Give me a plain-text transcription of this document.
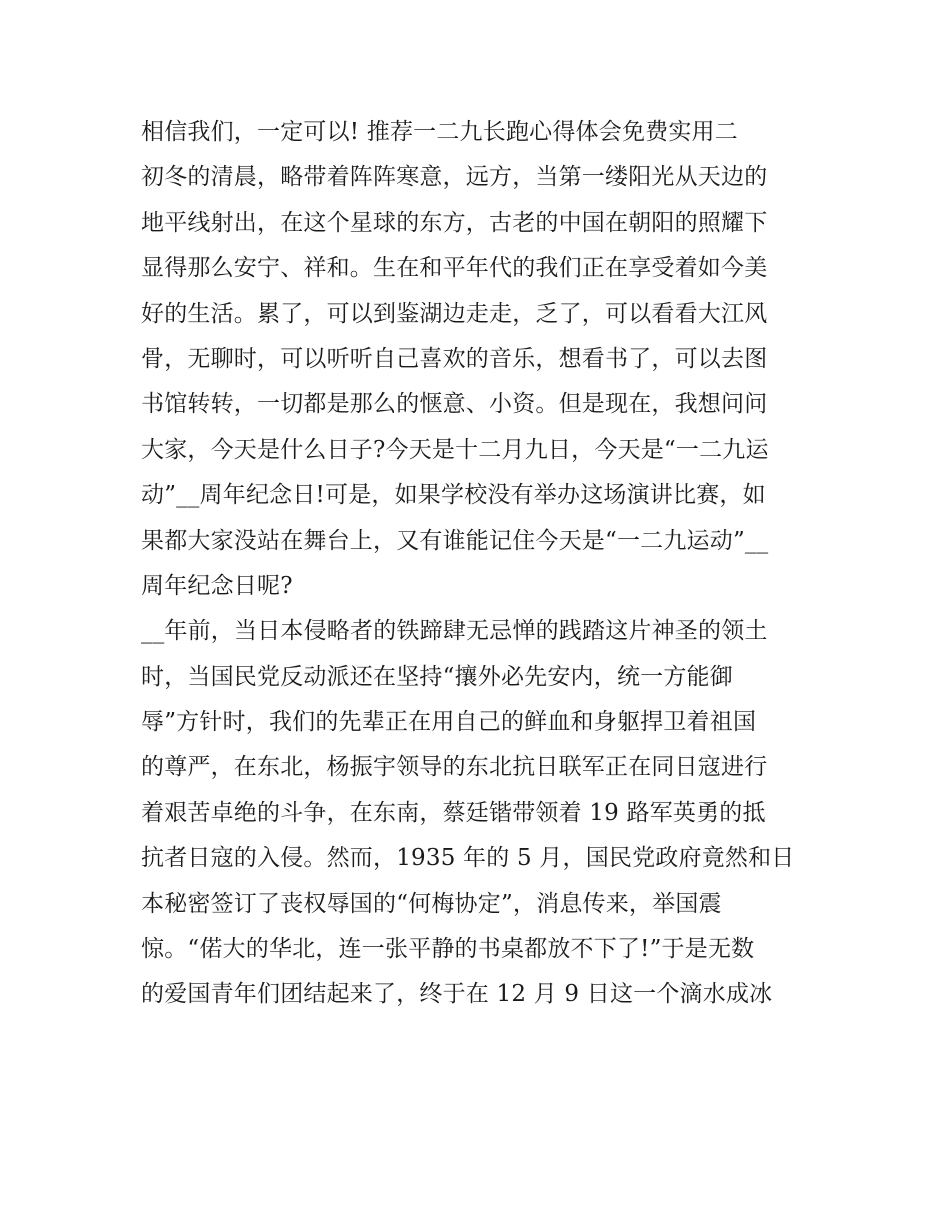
相信我们，一定可以! 推荐一二九长跑心得体会免费实用二
初冬的清晨，略带着阵阵寒意，远方，当第一缕阳光从天边的
地平线射出，在这个星球的东方，古老的中国在朝阳的照耀下
显得那么安宁、祥和。生在和平年代的我们正在享受着如今美
好的生活。累了，可以到鉴湖边走走，乏了，可以看看大江风
骨，无聊时，可以听听自己喜欢的音乐，想看书了，可以去图
书馆转转，一切都是那么的惬意、小资。但是现在，我想问问
大家，今天是什么日子?今天是十二月九日，今天是“一二九运
动”__周年纪念日!可是，如果学校没有举办这场演讲比赛，如
果都大家没站在舞台上，又有谁能记住今天是“一二九运动”__
周年纪念日呢?
__年前，当日本侵略者的铁蹄肆无忌惮的践踏这片神圣的领土
时，当国民党反动派还在坚持“攘外必先安内，统一方能御
辱”方针时，我们的先辈正在用自己的鲜血和身躯捍卫着祖国
的尊严，在东北，杨振宇领导的东北抗日联军正在同日寇进行
着艰苦卓绝的斗争，在东南，蔡廷锴带领着 19 路军英勇的抵
抗者日寇的入侵。然而，1935 年的 5 月，国民党政府竟然和日
本秘密签订了丧权辱国的“何梅协定”，消息传来，举国震
惊。“偌大的华北，连一张平静的书桌都放不下了!”于是无数
的爱国青年们团结起来了，终于在 12 月 9 日这一个滴水成冰
